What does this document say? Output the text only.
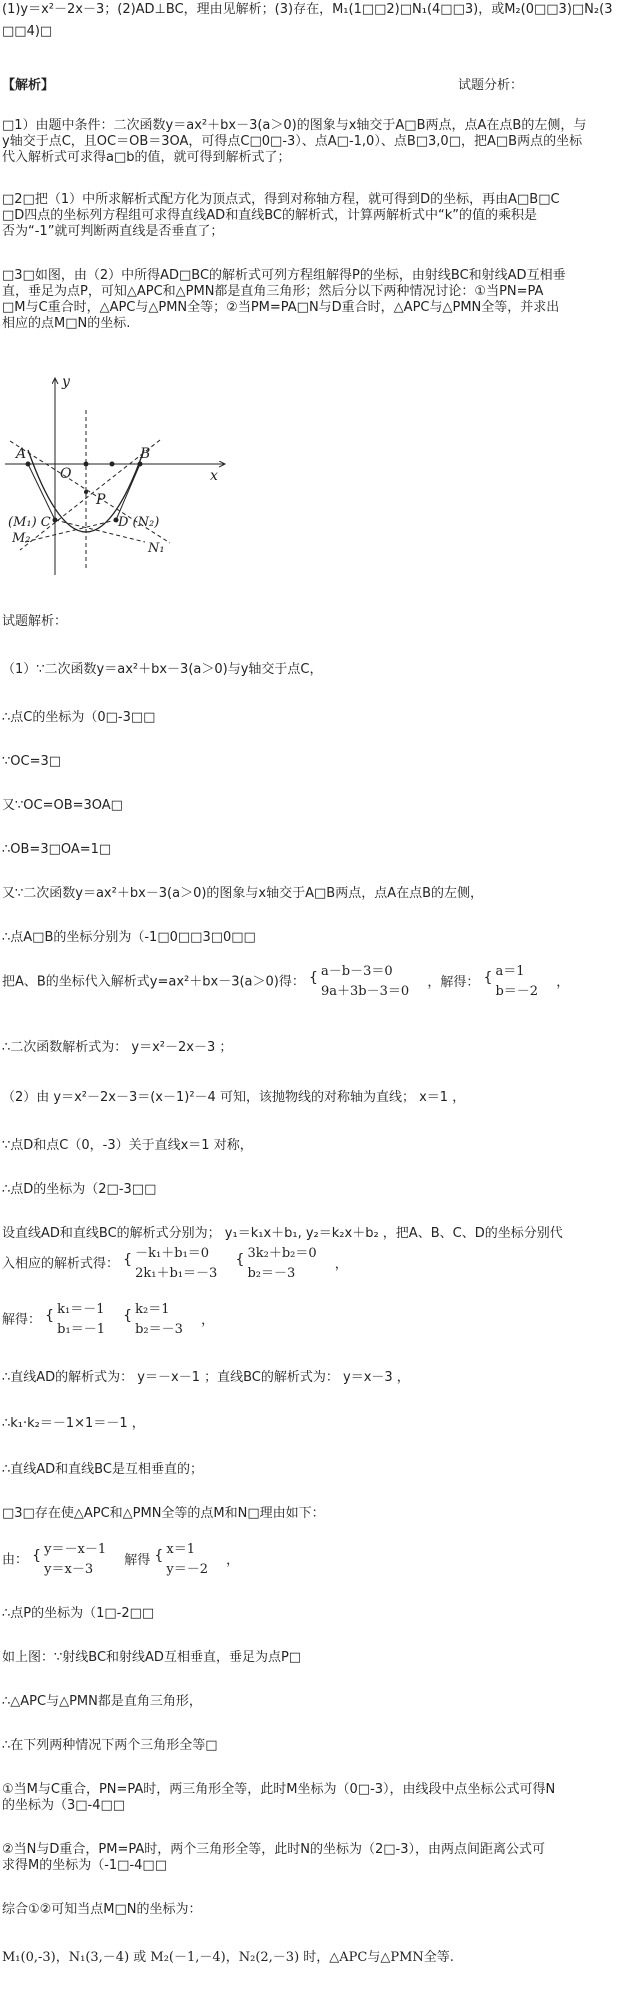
(1)y＝x²－2x－3；(2)AD⊥BC，理由见解析；(3)存在，M₁(1□□2)□N₁(4□□3)，或M₂(0□□3)□N₂(3
□□4)□
【解析】	试题分析：
□1）由题中条件：二次函数y＝ax²＋bx－3(a＞0)的图象与x轴交于A□B两点，点A在点B的左侧，与
y轴交于点C，且OC＝OB＝3OA，可得点C□0□-3）、点A□-1,0）、点B□3,0□，把A□B两点的坐标
代入解析式可求得a□b的值，就可得到解析式了；
□2□把（1）中所求解析式配方化为顶点式，得到对称轴方程，就可得到D的坐标，再由A□B□C
□D四点的坐标列方程组可求得直线AD和直线BC的解析式，计算两解析式中“k”的值的乘积是
否为“-1”就可判断两直线是否垂直了；
□3□如图，由（2）中所得AD□BC的解析式可列方程组解得P的坐标，由射线BC和射线AD互相垂
直，垂足为点P，可知△APC和△PMN都是直角三角形；然后分以下两种情况讨论：①当PN=PA
□M与C重合时，△APC与△PMN全等；②当PM=PA□N与D重合时，△APC与△PMN全等，并求出
相应的点M□N的坐标.
y
x
O
A	B
P
(M₁) C	D (N₂)
M₂
N₁
试题解析：
（1）∵二次函数y＝ax²＋bx－3(a＞0)与y轴交于点C，
∴点C的坐标为（0□-3□□
∵OC=3□
又∵OC=OB=3OA□
∴OB=3□OA=1□
又∵二次函数y＝ax²＋bx－3(a＞0)的图象与x轴交于A□B两点，点A在点B的左侧，
∴点A□B的坐标分别为（-1□0□□3□0□□
把A、B的坐标代入解析式y=ax²＋bx－3(a＞0)得： { a－b－3＝0
9a＋3b－3＝0
，解得： { a＝1
b＝－2
，
∴二次函数解析式为： y＝x²－2x－3 ；
（2）由 y＝x²－2x－3＝(x－1)²－4 可知，该抛物线的对称轴为直线； x＝1 ，
∵点D和点C（0，-3）关于直线x＝1 对称，
∴点D的坐标为（2□-3□□
设直线AD和直线BC的解析式分别为； y₁＝k₁x＋b₁, y₂＝k₂x＋b₂ ，把A、B、C、D的坐标分别代
入相应的解析式得： { －k₁＋b₁＝0
2k₁＋b₁＝－3

{ 3k₂＋b₂＝0
b₂＝－3
，
解得： { k₁＝－1
b₁＝－1

{ k₂＝1
b₂＝－3
，
∴直线AD的解析式为： y＝－x－1 ；直线BC的解析式为： y＝x－3 ，
∴k₁·k₂＝－1×1＝－1 ，
∴直线AD和直线BC是互相垂直的；
□3□存在使△APC和△PMN全等的点M和N□理由如下：
由： { y＝－x－1
y＝x－3
解得 { x＝1
y＝－2
，
∴点P的坐标为（1□-2□□
如上图：∵射线BC和射线AD互相垂直，垂足为点P□
∴△APC与△PMN都是直角三角形，
∴在下列两种情况下两个三角形全等□
①当M与C重合，PN=PA时，两三角形全等，此时M坐标为（0□-3），由线段中点坐标公式可得N
的坐标为（3□-4□□
②当N与D重合，PM=PA时，两个三角形全等，此时N的坐标为（2□-3），由两点间距离公式可
求得M的坐标为（-1□-4□□
综合①②可知当点M□N的坐标为：
M₁(0,-3)，N₁(3,－4) 或 M₂(－1,－4)，N₂(2,－3) 时，△APC与△PMN全等.
